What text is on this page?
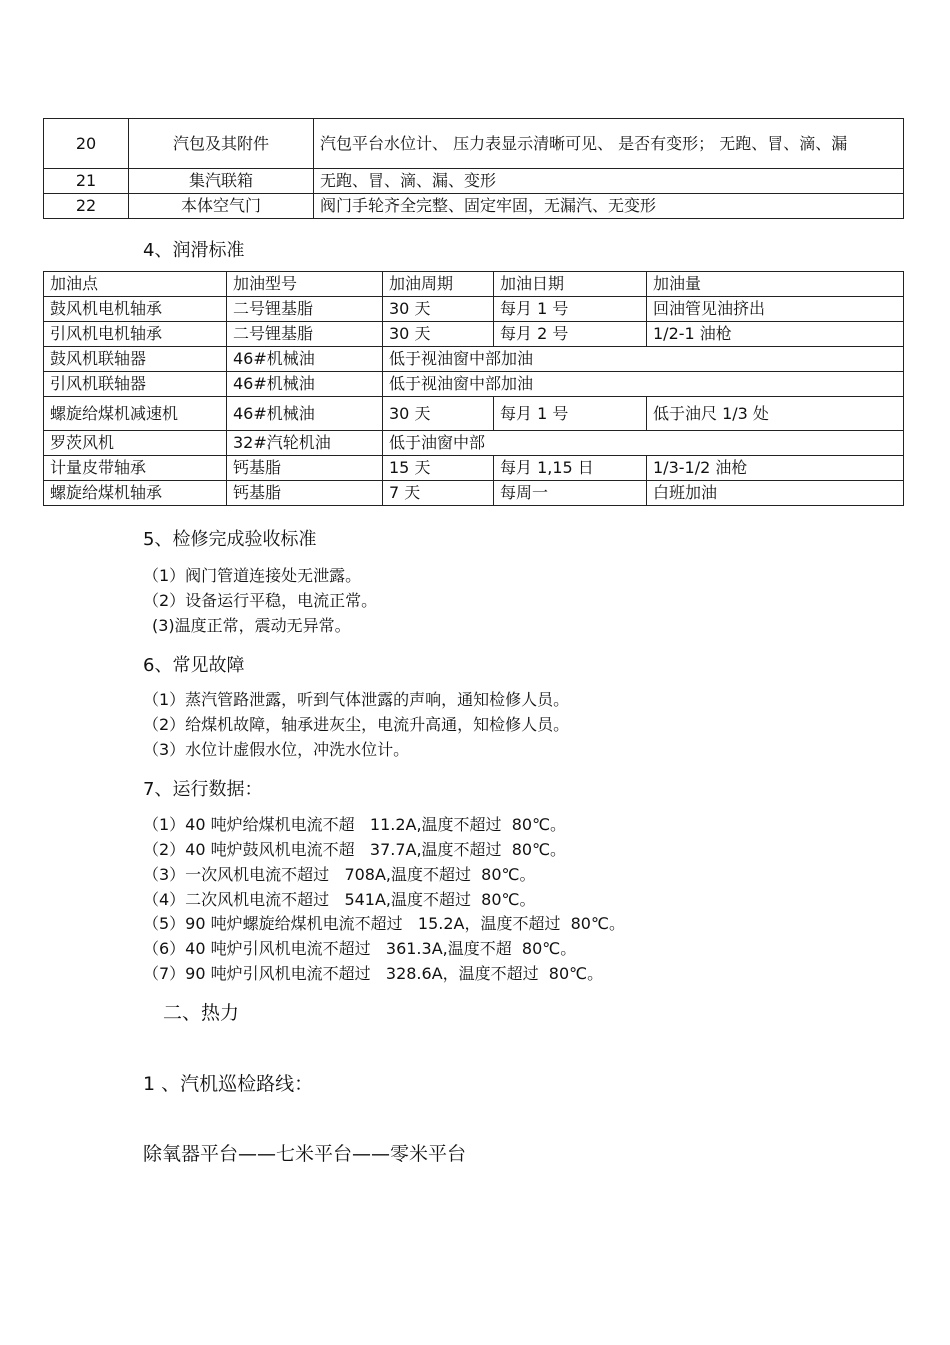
20	汽包及其附件	汽包平台水位计、 压力表显示清晰可见、 是否有变形； 无跑、冒、滴、漏
21	集汽联箱	无跑、冒、滴、漏、变形
22	本体空气门	阀门手轮齐全完整、固定牢固，无漏汽、无变形
4、润滑标准
加油点	加油型号	加油周期	加油日期	加油量
鼓风机电机轴承	二号锂基脂	30 天	每月 1 号	回油管见油挤出
引风机电机轴承	二号锂基脂	30 天	每月 2 号	1/2-1 油枪
鼓风机联轴器	46#机械油	低于视油窗中部加油		
引风机联轴器	46#机械油	低于视油窗中部加油		
螺旋给煤机减速机	46#机械油	30 天	每月 1 号	低于油尺 1/3 处
罗茨风机	32#汽轮机油	低于油窗中部		
计量皮带轴承	钙基脂	15 天	每月 1,15 日	1/3-1/2 油枪
螺旋给煤机轴承	钙基脂	7 天	每周一	白班加油
5、检修完成验收标准
（1）阀门管道连接处无泄露。
（2）设备运行平稳，电流正常。
(3)温度正常，震动无异常。
6、常见故障
（1）蒸汽管路泄露，听到气体泄露的声响，通知检修人员。
（2）给煤机故障，轴承进灰尘，电流升高通，知检修人员。
（3）水位计虚假水位，冲洗水位计。
7、运行数据：
（1）40 吨炉给煤机电流不超   11.2A,温度不超过  80℃。
（2）40 吨炉鼓风机电流不超   37.7A,温度不超过  80℃。
（3）一次风机电流不超过   708A,温度不超过  80℃。
（4）二次风机电流不超过   541A,温度不超过  80℃。
（5）90 吨炉螺旋给煤机电流不超过   15.2A，温度不超过  80℃。
（6）40 吨炉引风机电流不超过   361.3A,温度不超  80℃。
（7）90 吨炉引风机电流不超过   328.6A，温度不超过  80℃。
二、热力
1 、汽机巡检路线：
除氧器平台——七米平台——零米平台
